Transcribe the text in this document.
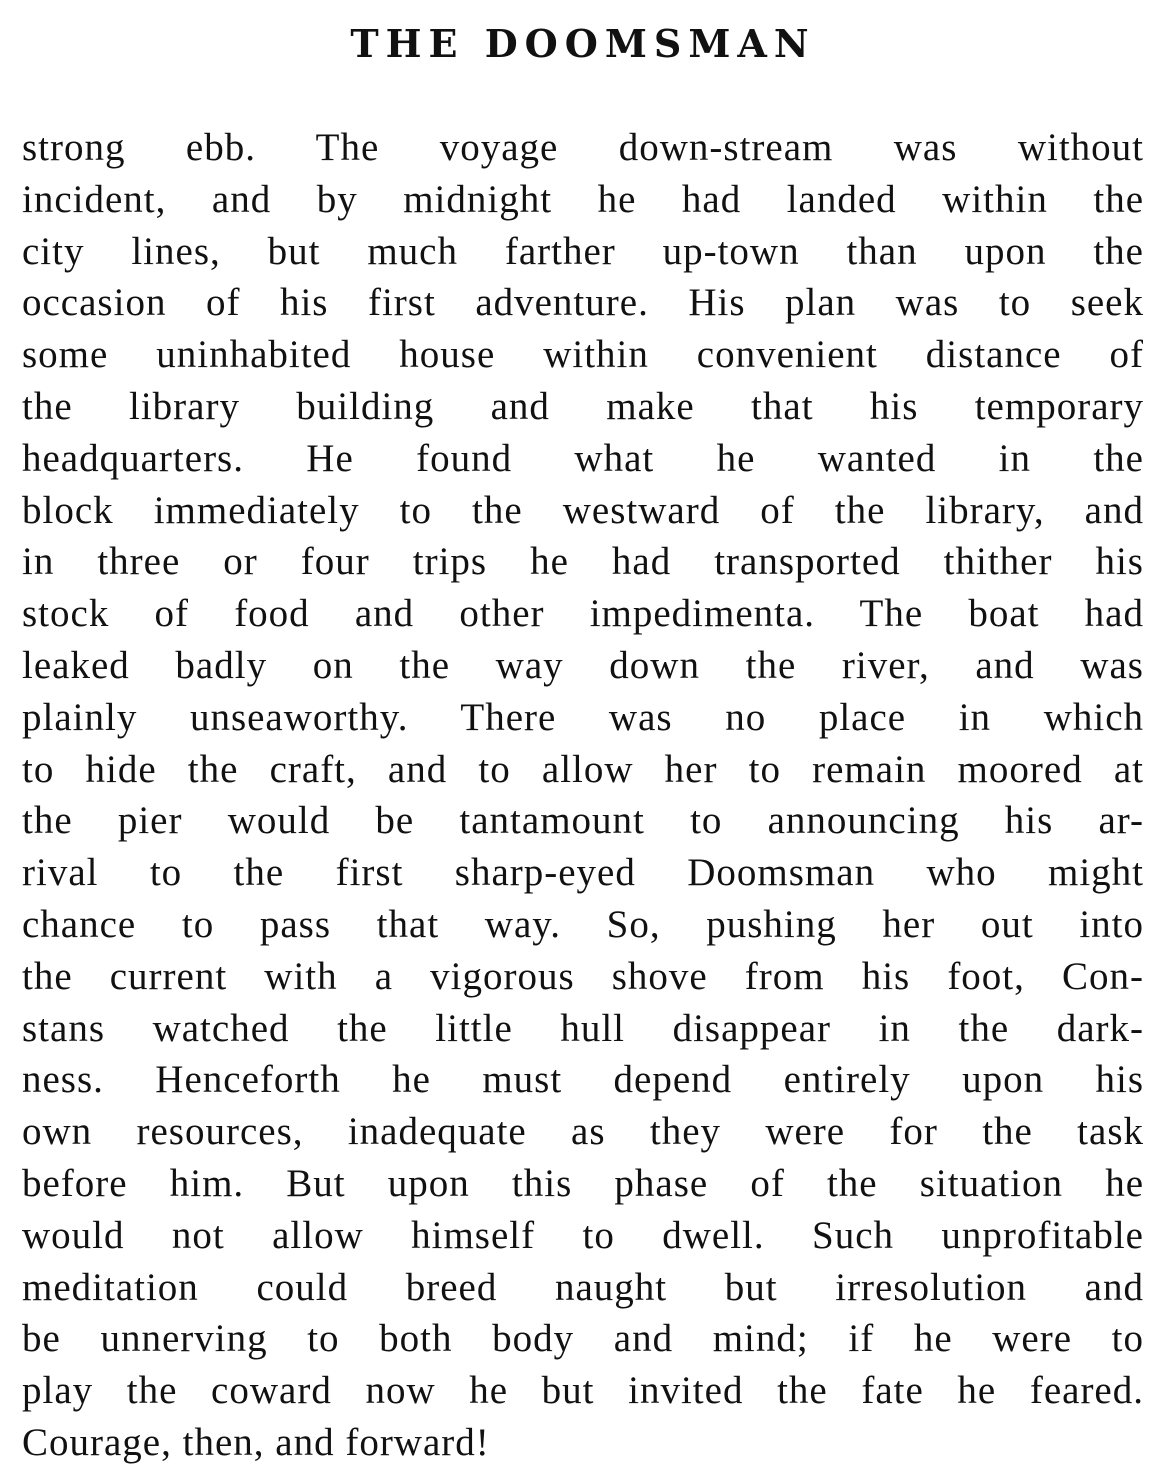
THE DOOMSMAN
strong ebb. The voyage down-stream was without
incident, and by midnight he had landed within the
city lines, but much farther up-town than upon the
occasion of his first adventure. His plan was to seek
some uninhabited house within convenient distance of
the library building and make that his temporary
headquarters. He found what he wanted in the
block immediately to the westward of the library, and
in three or four trips he had transported thither his
stock of food and other impedimenta. The boat had
leaked badly on the way down the river, and was
plainly unseaworthy. There was no place in which
to hide the craft, and to allow her to remain moored at
the pier would be tantamount to announcing his ar-
rival to the first sharp-eyed Doomsman who might
chance to pass that way. So, pushing her out into
the current with a vigorous shove from his foot, Con-
stans watched the little hull disappear in the dark-
ness. Henceforth he must depend entirely upon his
own resources, inadequate as they were for the task
before him. But upon this phase of the situation he
would not allow himself to dwell. Such unprofitable
meditation could breed naught but irresolution and
be unnerving to both body and mind; if he were to
play the coward now he but invited the fate he feared.
Courage, then, and forward!
